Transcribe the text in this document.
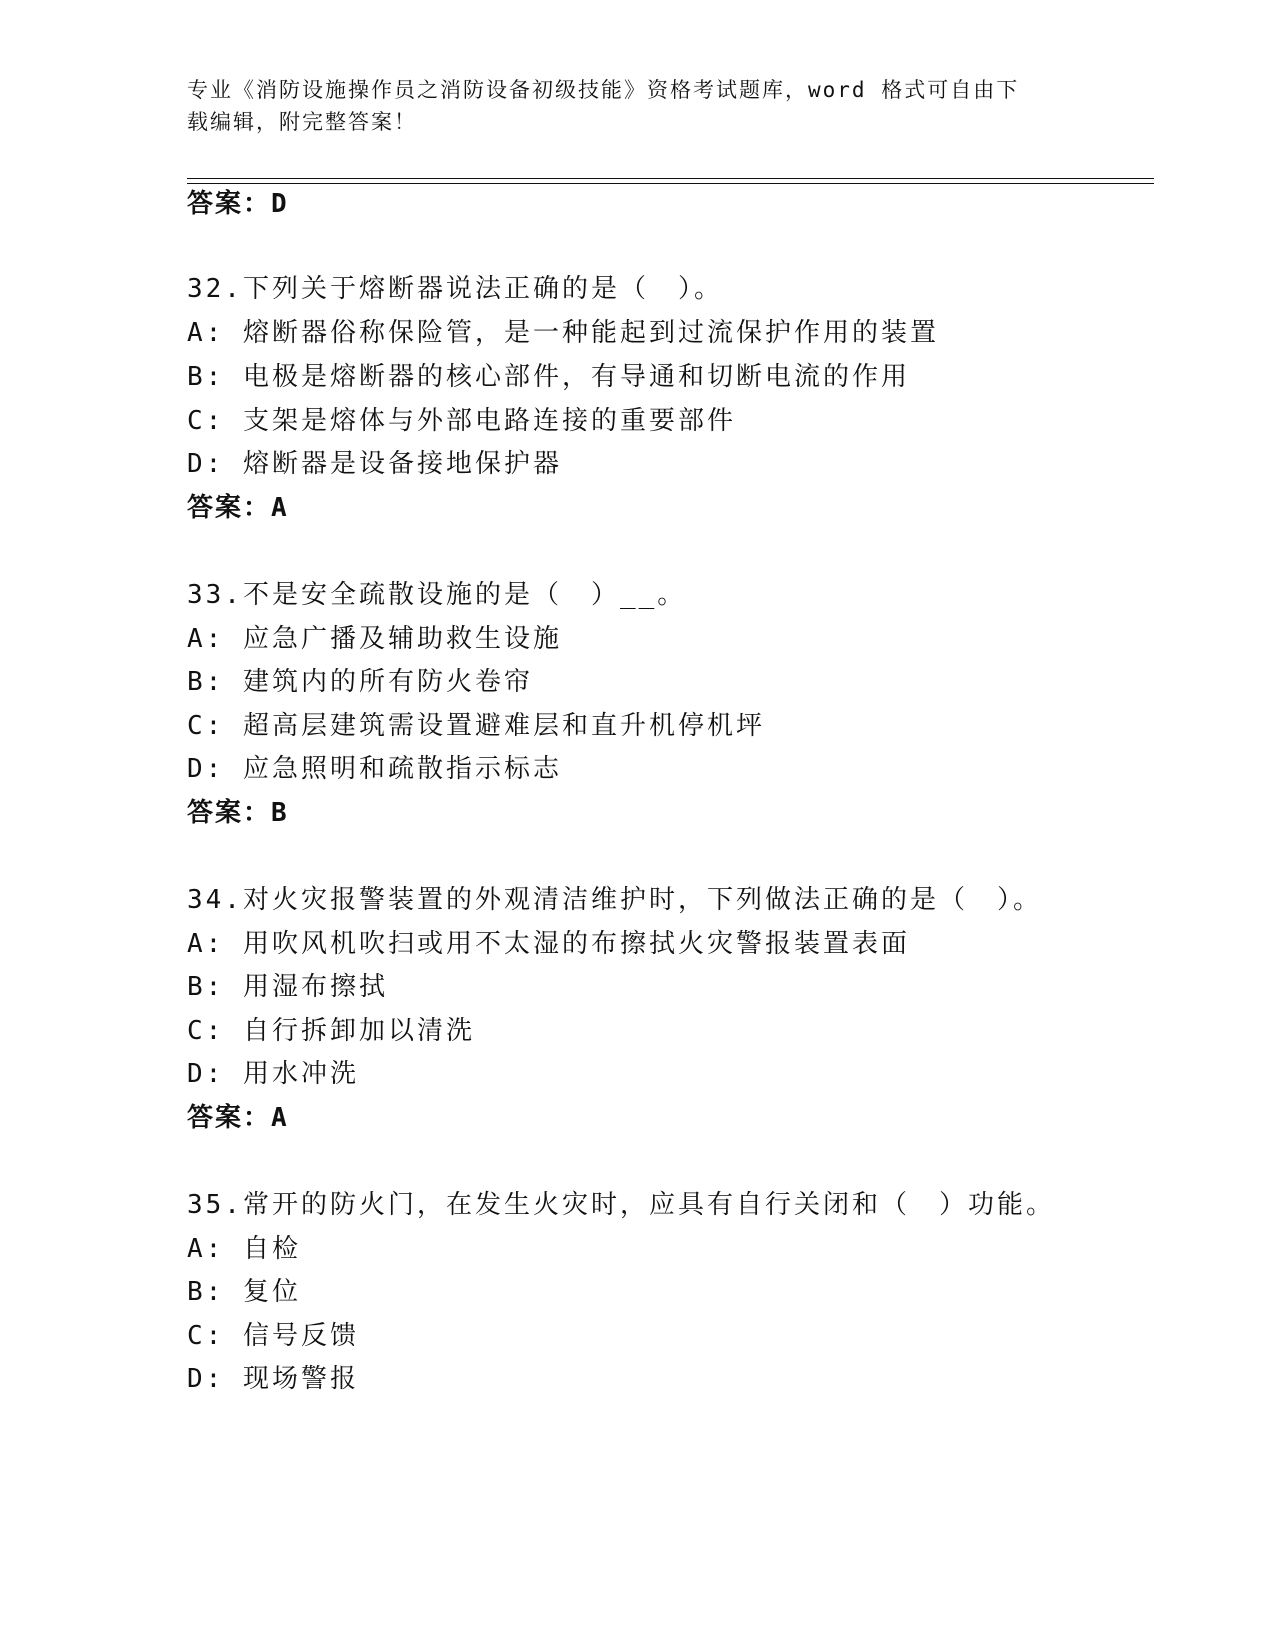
专业《消防设施操作员之消防设备初级技能》资格考试题库，word 格式可自由下
载编辑，附完整答案！
答案：D
32.下列关于熔断器说法正确的是（　）。
A: 熔断器俗称保险管，是一种能起到过流保护作用的装置
B: 电极是熔断器的核心部件，有导通和切断电流的作用
C: 支架是熔体与外部电路连接的重要部件
D: 熔断器是设备接地保护器
答案：A
33.不是安全疏散设施的是（　）__。
A: 应急广播及辅助救生设施
B: 建筑内的所有防火卷帘
C: 超高层建筑需设置避难层和直升机停机坪
D: 应急照明和疏散指示标志
答案：B
34.对火灾报警装置的外观清洁维护时，下列做法正确的是（　）。
A: 用吹风机吹扫或用不太湿的布擦拭火灾警报装置表面
B: 用湿布擦拭
C: 自行拆卸加以清洗
D: 用水冲洗
答案：A
35.常开的防火门，在发生火灾时，应具有自行关闭和（　）功能。
A: 自检
B: 复位
C: 信号反馈
D: 现场警报
